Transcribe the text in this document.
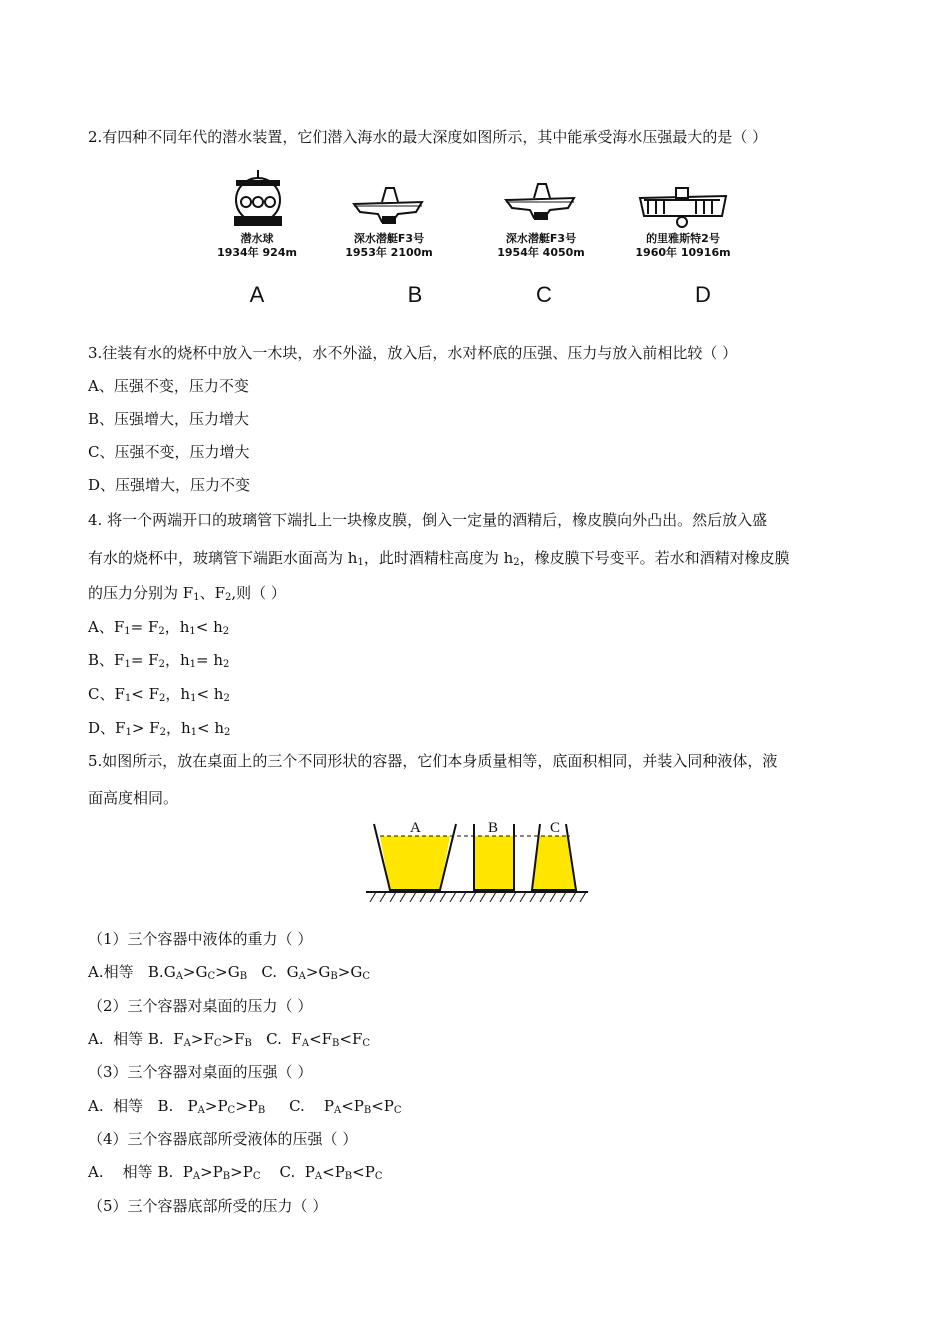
2.有四种不同年代的潜水装置，它们潜入海水的最大深度如图所示，其中能承受海水压强最大的是（ ）
潜水球
1934年 924m
深水潜艇F3号
1953年 2100m
深水潜艇F3号
1954年 4050m
的里雅斯特2号
1960年 10916m
A	B	C	D
3.往装有水的烧杯中放入一木块，水不外溢，放入后，水对杯底的压强、压力与放入前相比较（ ）
A、压强不变，压力不变
B、压强增大，压力增大
C、压强不变，压力增大
D、压强增大，压力不变
4. 将一个两端开口的玻璃管下端扎上一块橡皮膜，倒入一定量的酒精后，橡皮膜向外凸出。然后放入盛
有水的烧杯中，玻璃管下端距水面高为 $h_1$，此时酒精柱高度为 $h_2$，橡皮膜下号变平。若水和酒精对橡皮膜
的压力分别为 $F_1$、$F_2$,则（ ）
A、$F_1= F_2$，$h_1< h_2$
B、$F_1= F_2$，$h_1= h_2$
C、$F_1< F_2$，$h_1< h_2$
D、$F_1> F_2$，$h_1< h_2$
5.如图所示，放在桌面上的三个不同形状的容器，它们本身质量相等，底面积相同，并装入同种液体，液
面高度相同。
A	B	C
（1）三个容器中液体的重力（ ）
A.相等   $B.G_A>G_C>G_B$   C.  $G_A>G_B>G_C$
（2）三个容器对桌面的压力（ ）
A.  相等 B.  $F_A>F_C>F_B$   C.  $F_A<F_B<F_C$
（3）三个容器对桌面的压强（ ）
A.  相等   B.   $P_A>P_C>P_B$     C.    $P_A<P_B<P_C$
（4）三个容器底部所受液体的压强（ ）
A.    相等 B.  $P_A>P_B>P_C$    C.  $P_A<P_B<P_C$
（5）三个容器底部所受的压力（ ）
